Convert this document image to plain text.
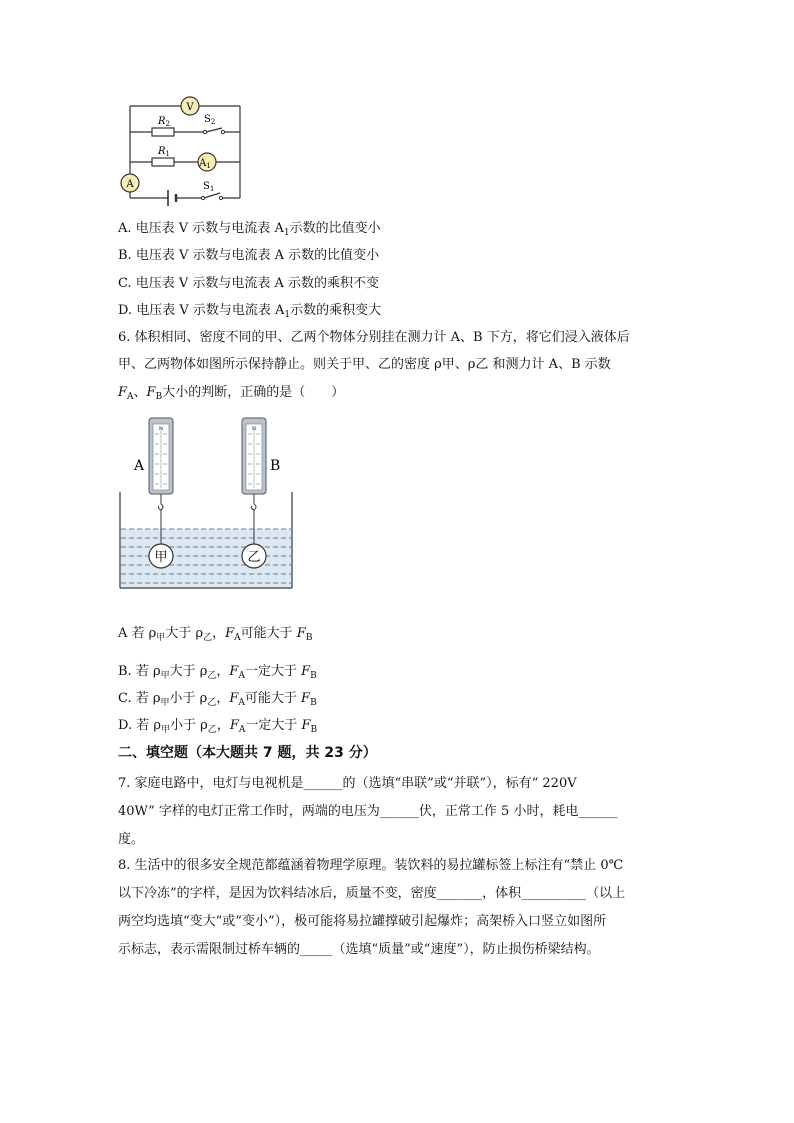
V
$A_1$
A
$R_2$
$R_1$
$S_2$
$S_1$
A. 电压表 V 示数与电流表 $A_1$示数的比值变小
B. 电压表 V 示数与电流表 A 示数的比值变小
C. 电压表 V 示数与电流表 A 示数的乘积不变
D. 电压表 V 示数与电流表 $A_1$示数的乘积变大
6. 体积相同、密度不同的甲、乙两个物体分别挂在测力计 A、B 下方，将它们浸入液体后
甲、乙两物体如图所示保持静止。则关于甲、乙的密度 ρ甲、ρ乙 和测力计 A、B 示数
$F_A$、$F_B$大小的判断，正确的是（　　）
N	N
甲	乙
A	B
A 若 $\rho_甲$大于 $\rho_乙$，$F_A$可能大于 $F_B$
B. 若 $\rho_甲$大于 $\rho_乙$，$F_A$一定大于 $F_B$
C. 若 $\rho_甲$小于 $\rho_乙$，$F_A$可能大于 $F_B$
D. 若 $\rho_甲$小于 $\rho_乙$，$F_A$一定大于 $F_B$
二、填空题（本大题共 7 题，共 23 分）
7. 家庭电路中，电灯与电视机是______的（选填“串联”或“并联”），标有“ 220V
40W” 字样的电灯正常工作时，两端的电压为______伏，正常工作 5 小时，耗电______
度。
8. 生活中的很多安全规范都蕴涵着物理学原理。装饮料的易拉罐标签上标注有“禁止 0℃
以下冷冻”的字样，是因为饮料结冰后，质量不变，密度_______，体积__________（以上
两空均选填“变大”或“变小”），极可能将易拉罐撑破引起爆炸；高架桥入口竖立如图所
示标志，表示需限制过桥车辆的_____（选填“质量”或“速度”），防止损伤桥梁结构。
